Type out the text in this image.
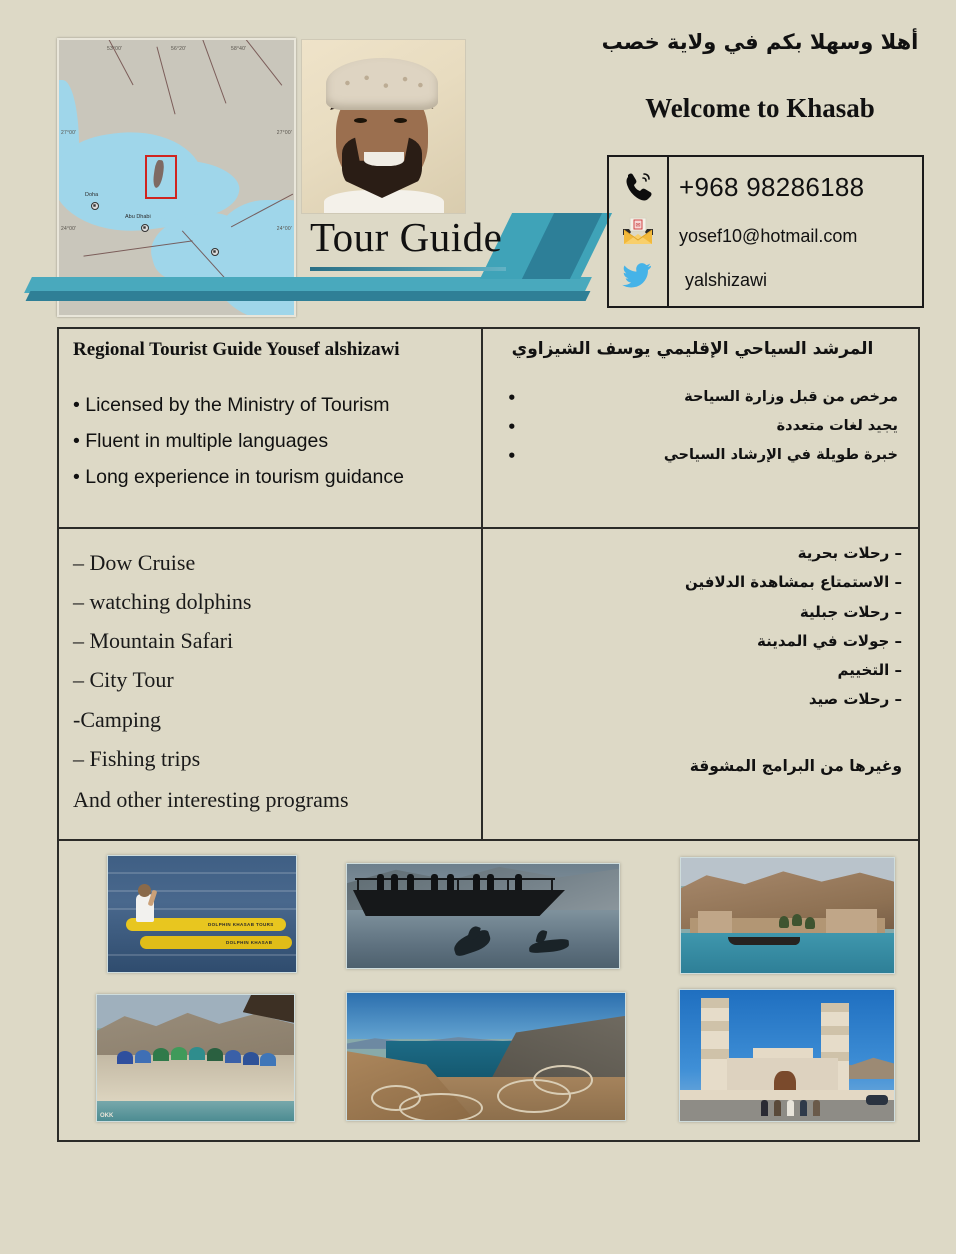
53°00'	56°20'	58°40'
27°00'	27°00'
24°00'	24°00'
Doha
Abu Dhabi	Tour Guide
أهلا وسهلا بكم في ولاية خصب
Welcome to Khasab
✉
+968 98286188
yosef10@hotmail.com
yalshizawi
Regional Tourist Guide Yousef alshizawi
• Licensed by the Ministry of Tourism
• Fluent in multiple languages
• Long experience in tourism guidance
المرشد السياحي الإقليمي يوسف الشيزاوي
مرخص من قبل وزارة السياحة •
يجيد لغات متعددة •
خبرة طويلة في الإرشاد السياحي •
– Dow Cruise
– watching dolphins
– Mountain Safari
– City Tour
-Camping
– Fishing trips
And other interesting programs
– رحلات بحرية
– الاستمتاع بمشاهدة الدلافين
– رحلات جبلية
– جولات في المدينة
– التخييم
– رحلات صيد
وغيرها من البرامج المشوقة
DOLPHIN KHASAB TOURS
DOLPHIN KHASAB
OKK
